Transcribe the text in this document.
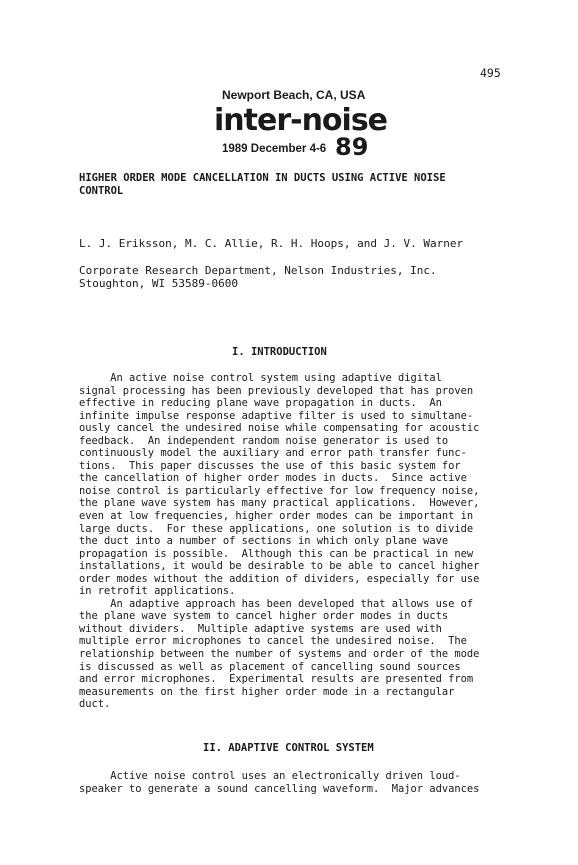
495
Newport Beach, CA, USA
inter-noise
1989 December 4-6 89
HIGHER ORDER MODE CANCELLATION IN DUCTS USING ACTIVE NOISE
CONTROL
L. J. Eriksson, M. C. Allie, R. H. Hoops, and J. V. Warner
Corporate Research Department, Nelson Industries, Inc.
Stoughton, WI 53589-0600
I. INTRODUCTION
An active noise control system using adaptive digital
signal processing has been previously developed that has proven
effective in reducing plane wave propagation in ducts.  An
infinite impulse response adaptive filter is used to simultane-
ously cancel the undesired noise while compensating for acoustic
feedback.  An independent random noise generator is used to
continuously model the auxiliary and error path transfer func-
tions.  This paper discusses the use of this basic system for
the cancellation of higher order modes in ducts.  Since active
noise control is particularly effective for low frequency noise,
the plane wave system has many practical applications.  However,
even at low frequencies, higher order modes can be important in
large ducts.  For these applications, one solution is to divide
the duct into a number of sections in which only plane wave
propagation is possible.  Although this can be practical in new
installations, it would be desirable to be able to cancel higher
order modes without the addition of dividers, especially for use
in retrofit applications.
An adaptive approach has been developed that allows use of
the plane wave system to cancel higher order modes in ducts
without dividers.  Multiple adaptive systems are used with
multiple error microphones to cancel the undesired noise.  The
relationship between the number of systems and order of the mode
is discussed as well as placement of cancelling sound sources
and error microphones.  Experimental results are presented from
measurements on the first higher order mode in a rectangular
duct.
II. ADAPTIVE CONTROL SYSTEM
Active noise control uses an electronically driven loud-
speaker to generate a sound cancelling waveform.  Major advances
